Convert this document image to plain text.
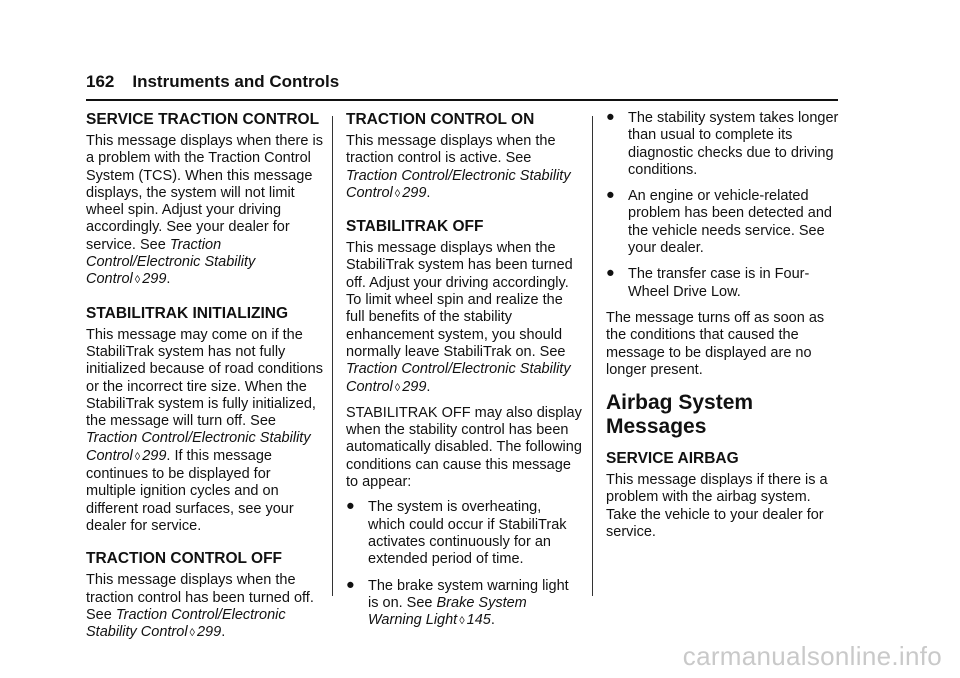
162 Instruments and Controls
SERVICE TRACTION CONTROL

This message displays when there is a problem with the Traction Control System (TCS). When this message displays, the system will not limit wheel spin. Adjust your driving accordingly. See your dealer for service. See Traction Control/Electronic Stability Control ◊ 299.

STABILITRAK INITIALIZING

This message may come on if the StabiliTrak system has not fully initialized because of road conditions or the incorrect tire size. When the StabiliTrak system is fully initialized, the message will turn off. See Traction Control/Electronic Stability Control ◊ 299. If this message continues to be displayed for multiple ignition cycles and on different road surfaces, see your dealer for service.

TRACTION CONTROL OFF

This message displays when the traction control has been turned off. See Traction Control/Electronic Stability Control ◊ 299.

TRACTION CONTROL ON

This message displays when the traction control is active. See Traction Control/Electronic Stability Control ◊ 299.

STABILITRAK OFF

This message displays when the StabiliTrak system has been turned off. Adjust your driving accordingly. To limit wheel spin and realize the full benefits of the stability enhancement system, you should normally leave StabiliTrak on. See Traction Control/Electronic Stability Control ◊ 299.

STABILITRAK OFF may also display when the stability control has been automatically disabled. The following conditions can cause this message to appear:

● The system is overheating, which could occur if StabiliTrak activates continuously for an extended period of time.
● The brake system warning light is on. See Brake System Warning Light ◊ 145.
● The stability system takes longer than usual to complete its diagnostic checks due to driving conditions.
● An engine or vehicle-related problem has been detected and the vehicle needs service. See your dealer.
● The transfer case is in Four-Wheel Drive Low.

The message turns off as soon as the conditions that caused the message to be displayed are no longer present.

Airbag System Messages
SERVICE AIRBAG

This message displays if there is a problem with the airbag system. Take the vehicle to your dealer for service.

carmanualsonline.info
